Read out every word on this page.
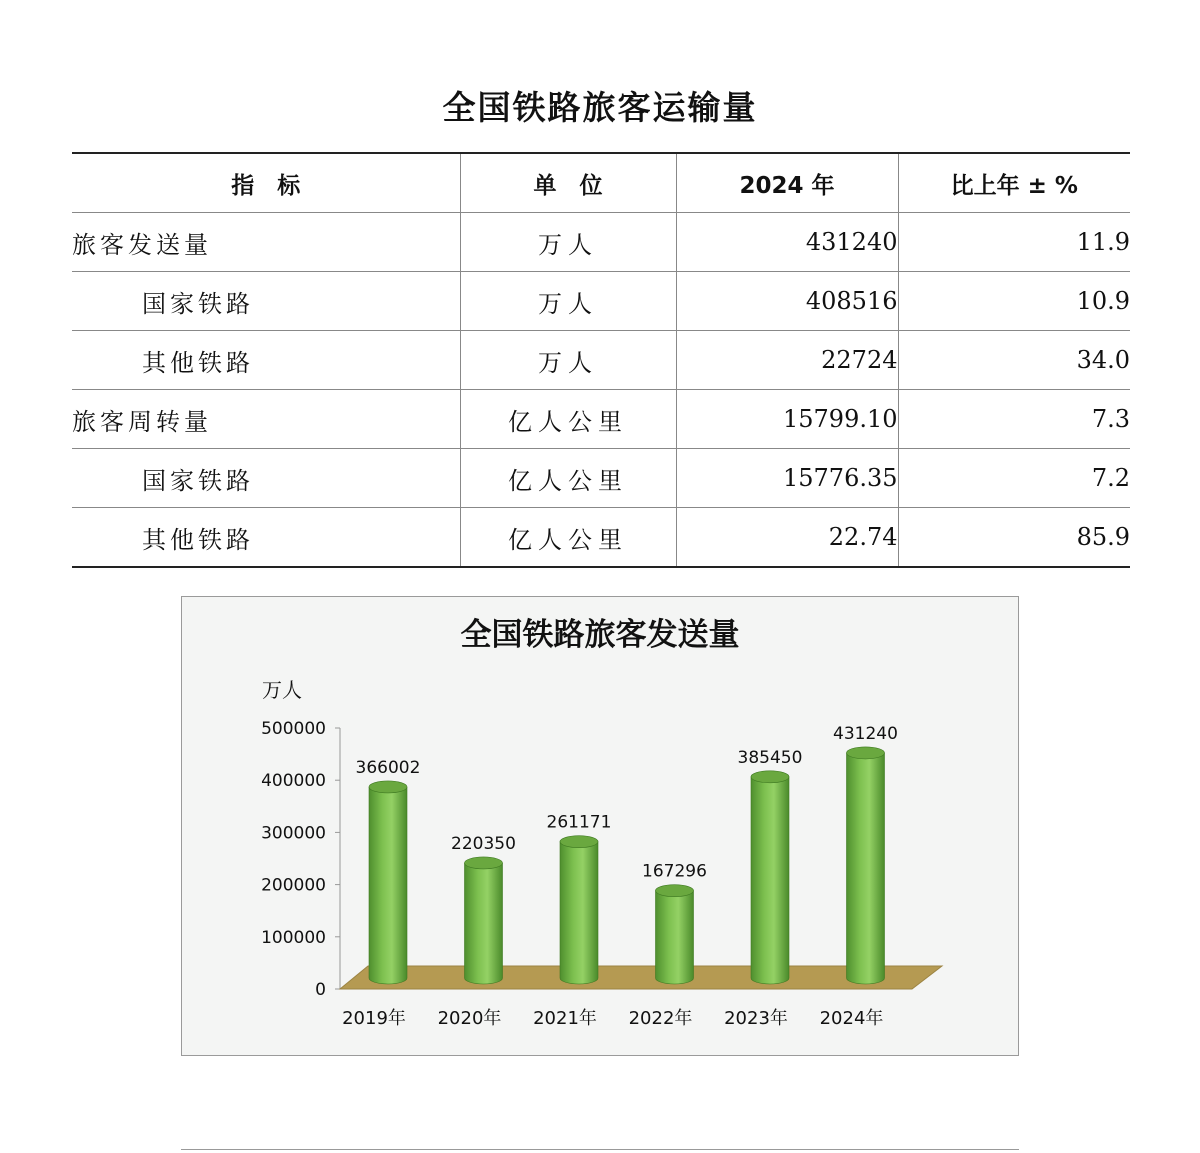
全国铁路旅客运输量
指　标	单　位	2024 年	比上年 ± %
旅客发送量	万人	431240	11.9
国家铁路	万人	408516	10.9
其他铁路	万人	22724	34.0
旅客周转量	亿人公里	15799.10	7.3
国家铁路	亿人公里	15776.35	7.2
其他铁路	亿人公里	22.74	85.9
全国铁路旅客发送量
万人
0
100000
200000
300000
400000
500000
366002
2019年
220350
2020年
261171
2021年
167296
2022年
385450
2023年
431240
2024年
